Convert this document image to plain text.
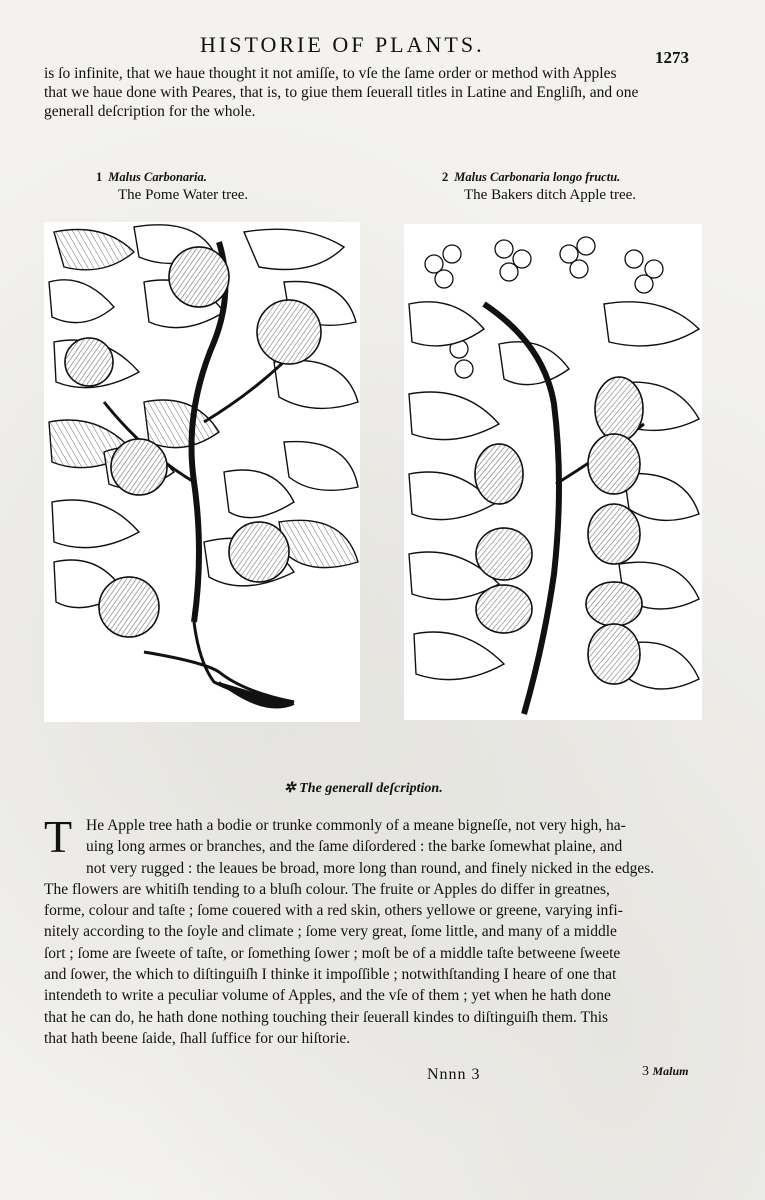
HISTORIE OF PLANTS.
1273

is ſo infinite, that we haue thought it not amiſſe, to vſe the ſame order or method with Apples

that we haue done with Peares, that is, to giue them ſeuerall titles in Latine and Engliſh, and one

generall deſcription for the whole.

1 Malus Carbonaria.
The Pome Water tree.
2 Malus Carbonaria longo fructu.
The Bakers ditch Apple tree.
✲ The generall deſcription.
T He Apple tree hath a bodie or trunke commonly of a meane bigneſſe, not very high, ha-
uing long armes or branches, and the ſame diſordered : the barke ſomewhat plaine, and
not very rugged : the leaues be broad, more long than round, and finely nicked in the edges.
The flowers are whitiſh tending to a bluſh colour. The fruite or Apples do differ in greatnes,
forme, colour and taſte ; ſome couered with a red skin, others yellowe or greene, varying infi-
nitely according to the ſoyle and climate ; ſome very great, ſome little, and many of a middle
ſort ; ſome are ſweete of taſte, or ſomething ſower ; moſt be of a middle taſte betweene ſweete
and ſower, the which to diſtinguiſh I thinke it impoſſible ; notwithſtanding I heare of one that
intendeth to write a peculiar volume of Apples, and the vſe of them ; yet when he hath done
that he can do, he hath done nothing touching their ſeuerall kindes to diſtinguiſh them. This
that hath beene ſaide, ſhall ſuffice for our hiſtorie.
Nnnn 3	3 Malum
